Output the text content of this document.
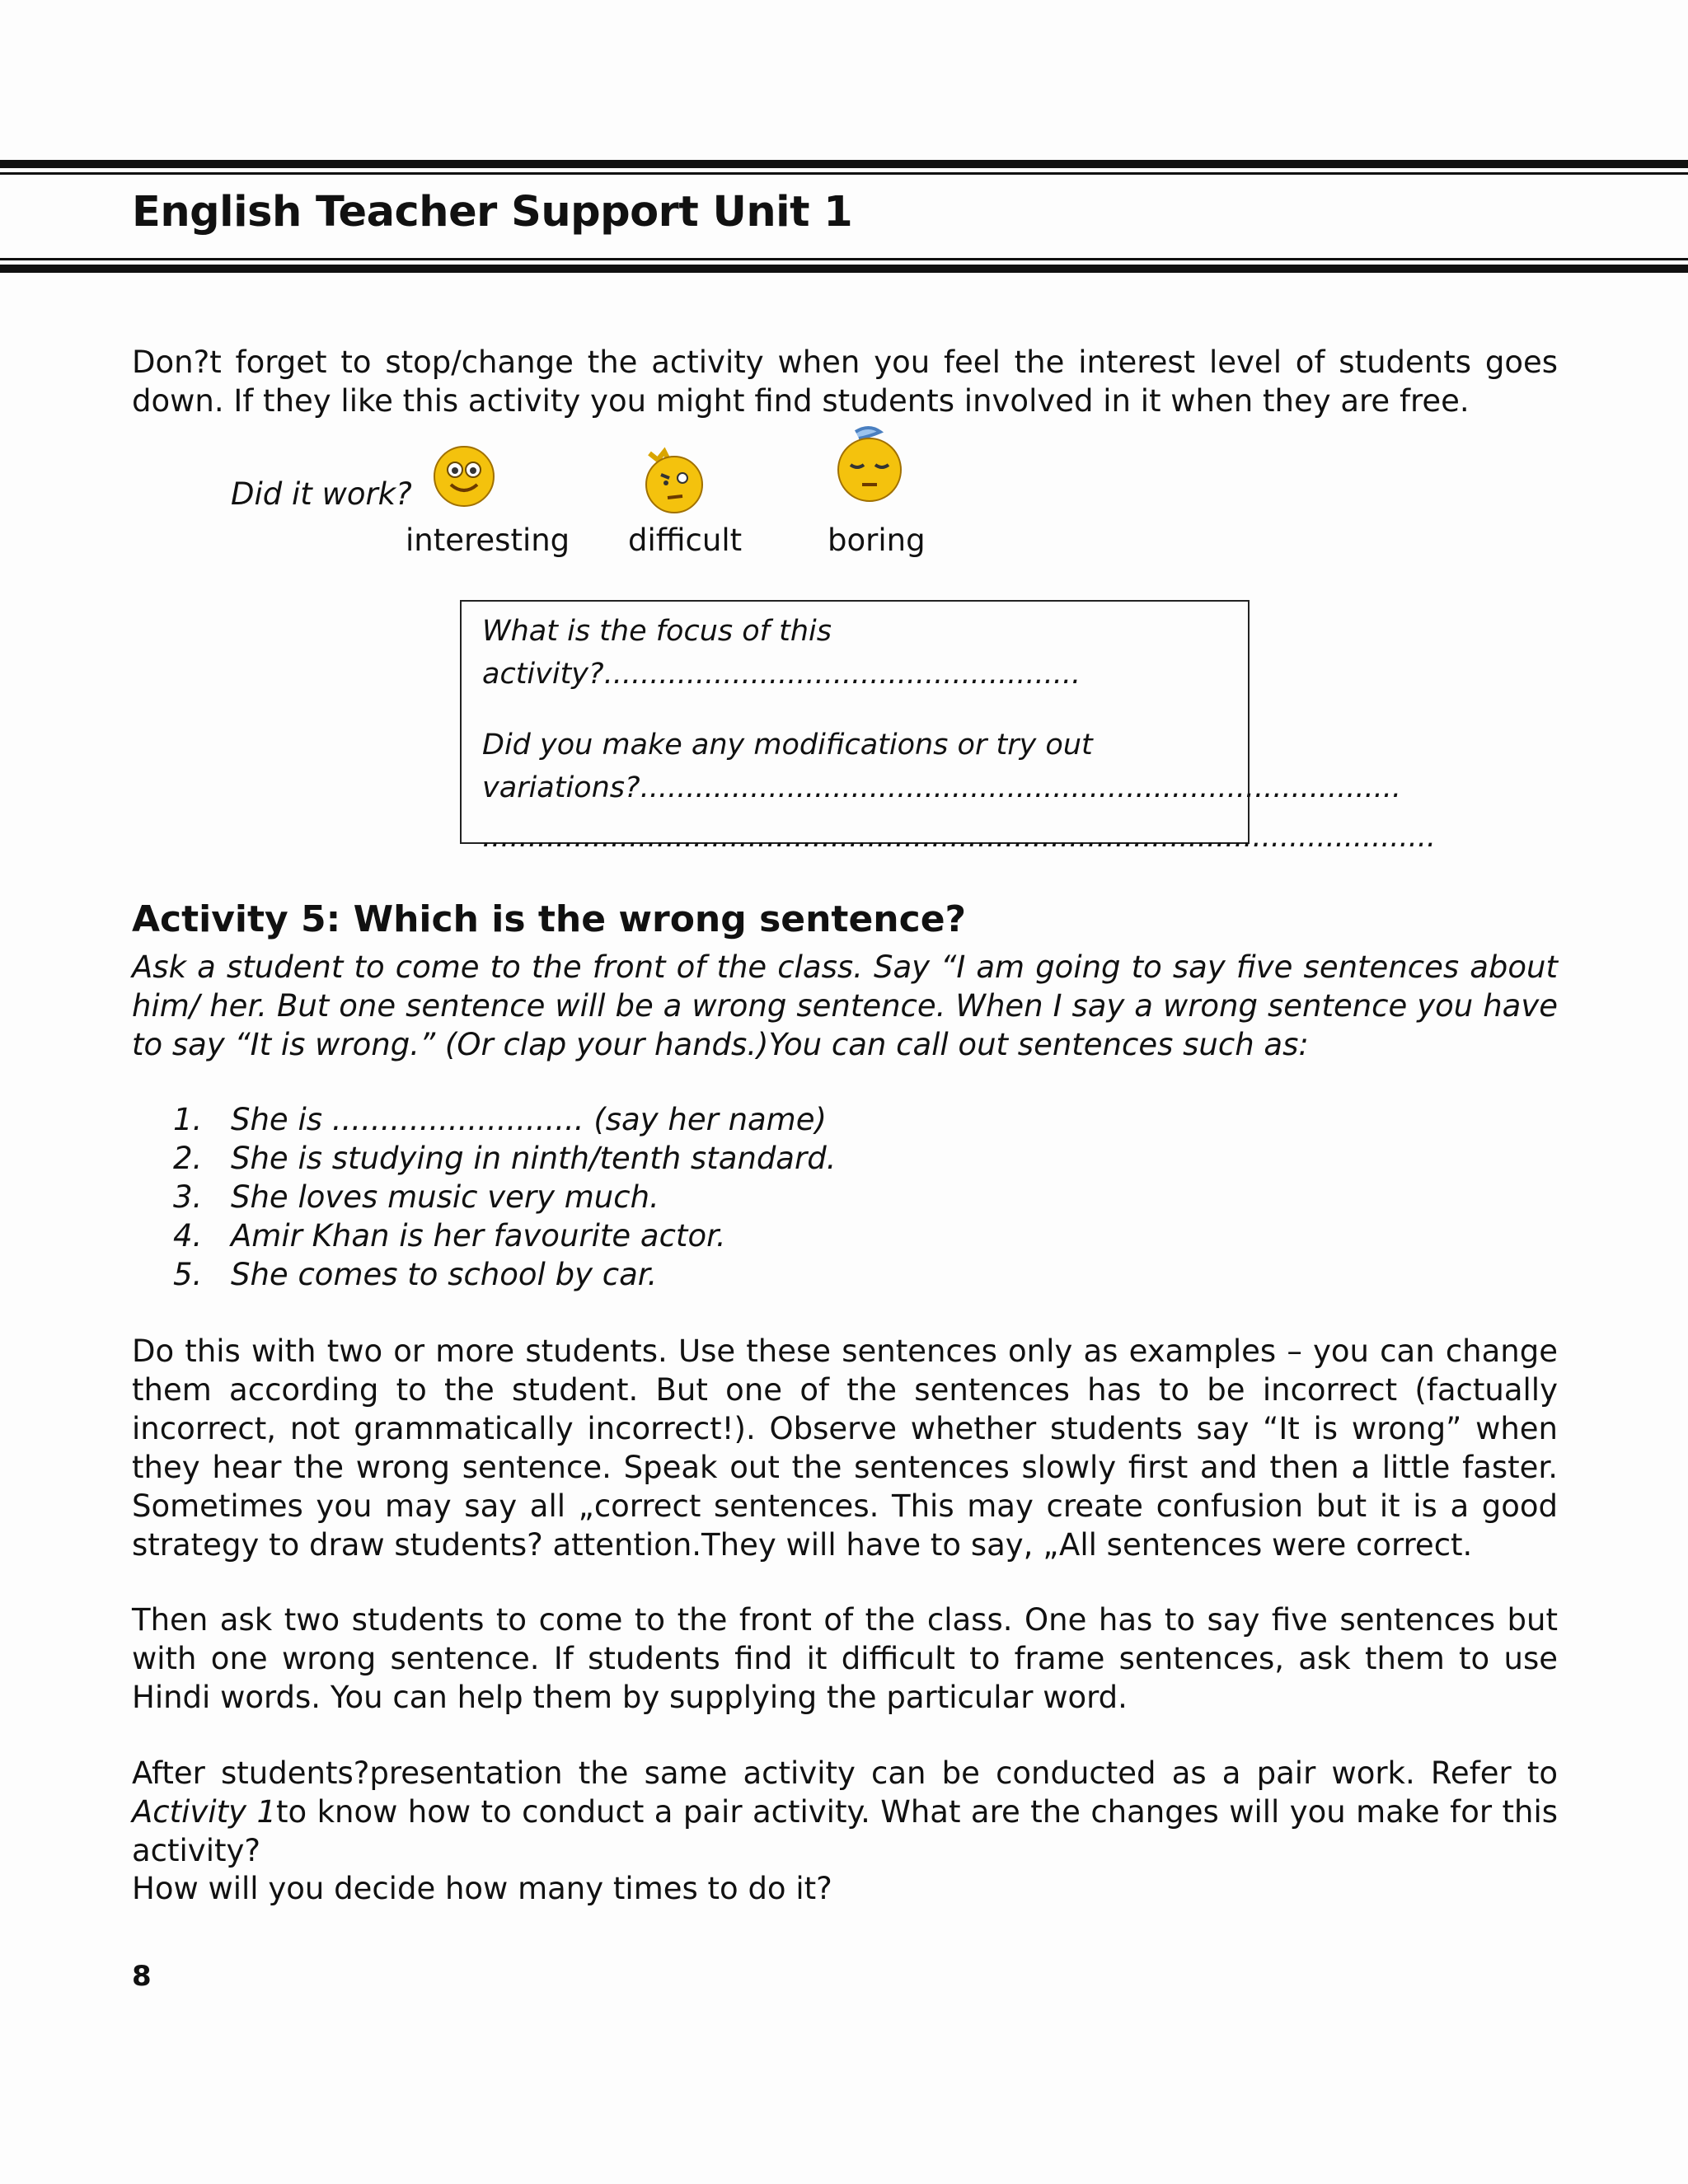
English Teacher Support Unit 1

Don?t forget to stop/change the activity when you feel the interest level of students goes down. If they like this activity you might find students involved in it when they are free.

Did it work?
interesting difficult	boring

What is the focus of this activity?....................................................

Did you make any modifications or try out

variations?...................................................................................

........................................................................................................

Activity 5: Which is the wrong sentence?

Ask a student to come to the front of the class. Say “I am going to say five sentences about him/ her. But one sentence will be a wrong sentence. When I say a wrong sentence you have to say “It is wrong.” (Or clap your hands.)You can call out sentences such as:

1. She is .......................... (say her name)
2. She is studying in ninth/tenth standard.
3. She loves music very much.
4. Amir Khan is her favourite actor.
5. She comes to school by car.

Do this with two or more students. Use these sentences only as examples – you can change them according to the student. But one of the sentences has to be incorrect (factually incorrect, not grammatically incorrect!). Observe whether students say “It is wrong” when they hear the wrong sentence. Speak out the sentences slowly first and then a little faster. Sometimes you may say all „correct sentences. This may create confusion but it is a good strategy to draw students? attention.They will have to say, „All sentences were correct.

Then ask two students to come to the front of the class. One has to say five sentences but with one wrong sentence. If students find it difficult to frame sentences, ask them to use Hindi words. You can help them by supplying the particular word.

After students?presentation the same activity can be conducted as a pair work. Refer to Activity 1to know how to conduct a pair activity. What are the changes will you make for this activity?

How will you decide how many times to do it?

8
